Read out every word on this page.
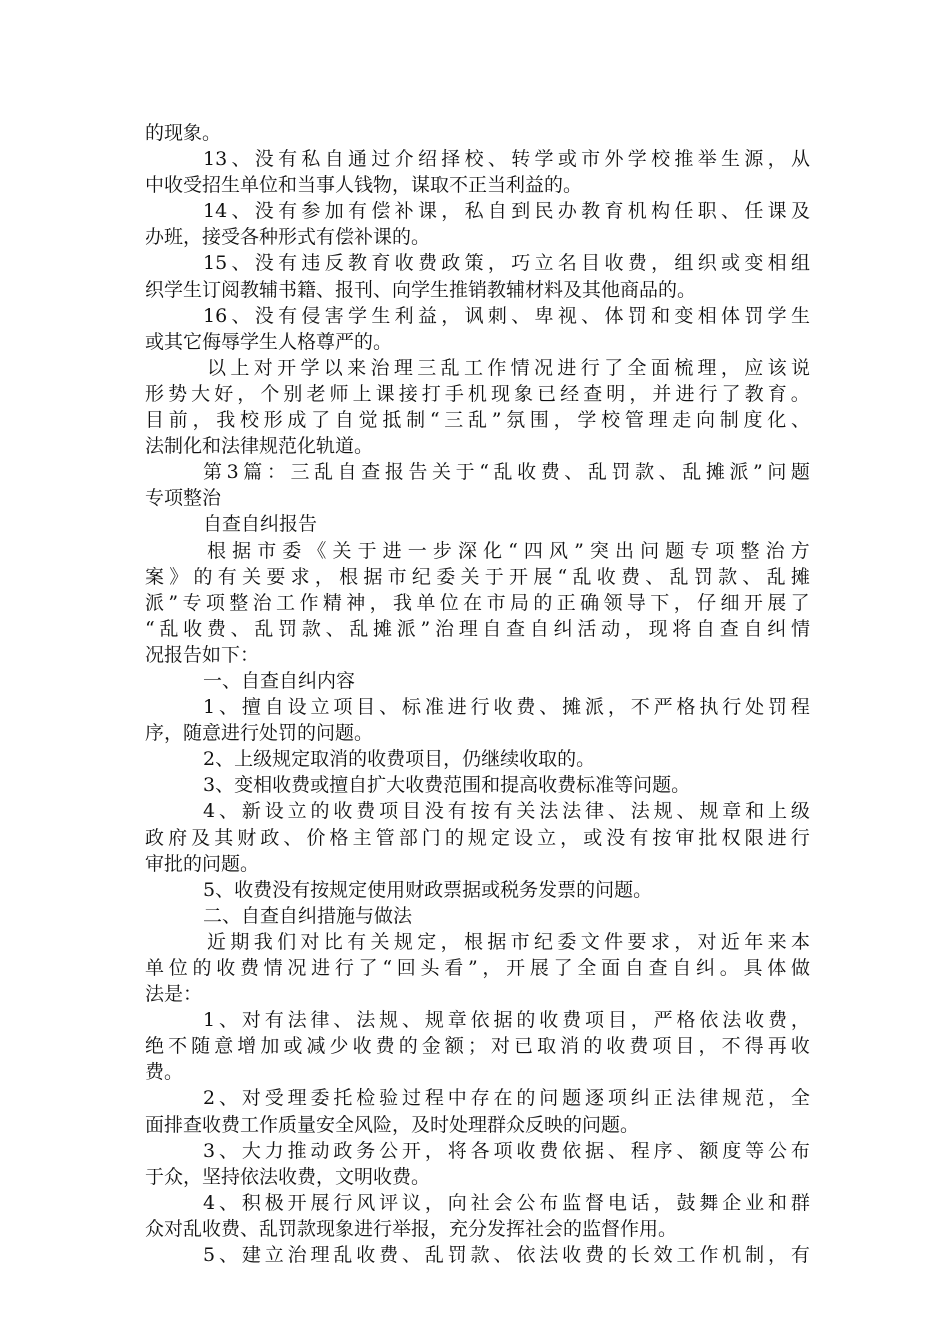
的现象。
13 、 没 有 私 自 通 过 介 绍 择 校 、 转 学 或 市 外 学 校 推 举 生 源 ， 从
中收受招生单位和当事人钱物，谋取不正当利益的。
14 、 没 有 参 加 有 偿 补 课 ， 私 自 到 民 办 教 育 机 构 任 职 、 任 课 及
办班，接受各种形式有偿补课的。
15 、 没 有 违 反 教 育 收 费 政 策 ， 巧 立 名 目 收 费 ， 组 织 或 变 相 组
织学生订阅教辅书籍、报刊、向学生推销教辅材料及其他商品的。
16 、 没 有 侵 害 学 生 利 益 ， 讽 刺 、 卑 视 、 体 罚 和 变 相 体 罚 学 生
或其它侮辱学生人格尊严的。
以 上 对 开 学 以 来 治 理 三 乱 工 作 情 况 进 行 了 全 面 梳 理 ， 应 该 说
形 势 大 好 ， 个 别 老 师 上 课 接 打 手 机 现 象 已 经 查 明 ， 并 进 行 了 教 育 。
目 前 ， 我 校 形 成 了 自 觉 抵 制 “ 三 乱 ” 氛 围 ， 学 校 管 理 走 向 制 度 化 、
法制化和法律规范化轨道。
第 3 篇 ： 三 乱 自 查 报 告 关 于 “ 乱 收 费 、 乱 罚 款 、 乱 摊 派 ” 问 题
专项整治
自查自纠报告
根 据 市 委 《 关 于 进 一 步 深 化 “ 四 风 ” 突 出 问 题 专 项 整 治 方
案 》 的 有 关 要 求 ， 根 据 市 纪 委 关 于 开 展 “ 乱 收 费 、 乱 罚 款 、 乱 摊
派 ” 专 项 整 治 工 作 精 神 ， 我 单 位 在 市 局 的 正 确 领 导 下 ， 仔 细 开 展 了
“ 乱 收 费 、 乱 罚 款 、 乱 摊 派 ” 治 理 自 查 自 纠 活 动 ， 现 将 自 查 自 纠 情
况报告如下：
一、自查自纠内容
1 、 擅 自 设 立 项 目 、 标 准 进 行 收 费 、 摊 派 ， 不 严 格 执 行 处 罚 程
序，随意进行处罚的问题。
2、上级规定取消的收费项目，仍继续收取的。
3、变相收费或擅自扩大收费范围和提高收费标准等问题。
4 、 新 设 立 的 收 费 项 目 没 有 按 有 关 法 法 律 、 法 规 、 规 章 和 上 级
政 府 及 其 财 政 、 价 格 主 管 部 门 的 规 定 设 立 ， 或 没 有 按 审 批 权 限 进 行
审批的问题。
5、收费没有按规定使用财政票据或税务发票的问题。
二、自查自纠措施与做法
近 期 我 们 对 比 有 关 规 定 ， 根 据 市 纪 委 文 件 要 求 ， 对 近 年 来 本
单 位 的 收 费 情 况 进 行 了 “ 回 头 看 ” ， 开 展 了 全 面 自 查 自 纠 。 具 体 做
法是：
1 、 对 有 法 律 、 法 规 、 规 章 依 据 的 收 费 项 目 ， 严 格 依 法 收 费 ，
绝 不 随 意 增 加 或 减 少 收 费 的 金 额 ； 对 已 取 消 的 收 费 项 目 ， 不 得 再 收
费。
2 、 对 受 理 委 托 检 验 过 程 中 存 在 的 问 题 逐 项 纠 正 法 律 规 范 ， 全
面排查收费工作质量安全风险，及时处理群众反映的问题。
3 、 大 力 推 动 政 务 公 开 ， 将 各 项 收 费 依 据 、 程 序 、 额 度 等 公 布
于众，坚持依法收费，文明收费。
4 、 积 极 开 展 行 风 评 议 ， 向 社 会 公 布 监 督 电 话 ， 鼓 舞 企 业 和 群
众对乱收费、乱罚款现象进行举报，充分发挥社会的监督作用。
5 、 建 立 治 理 乱 收 费 、 乱 罚 款 、 依 法 收 费 的 长 效 工 作 机 制 ， 有
